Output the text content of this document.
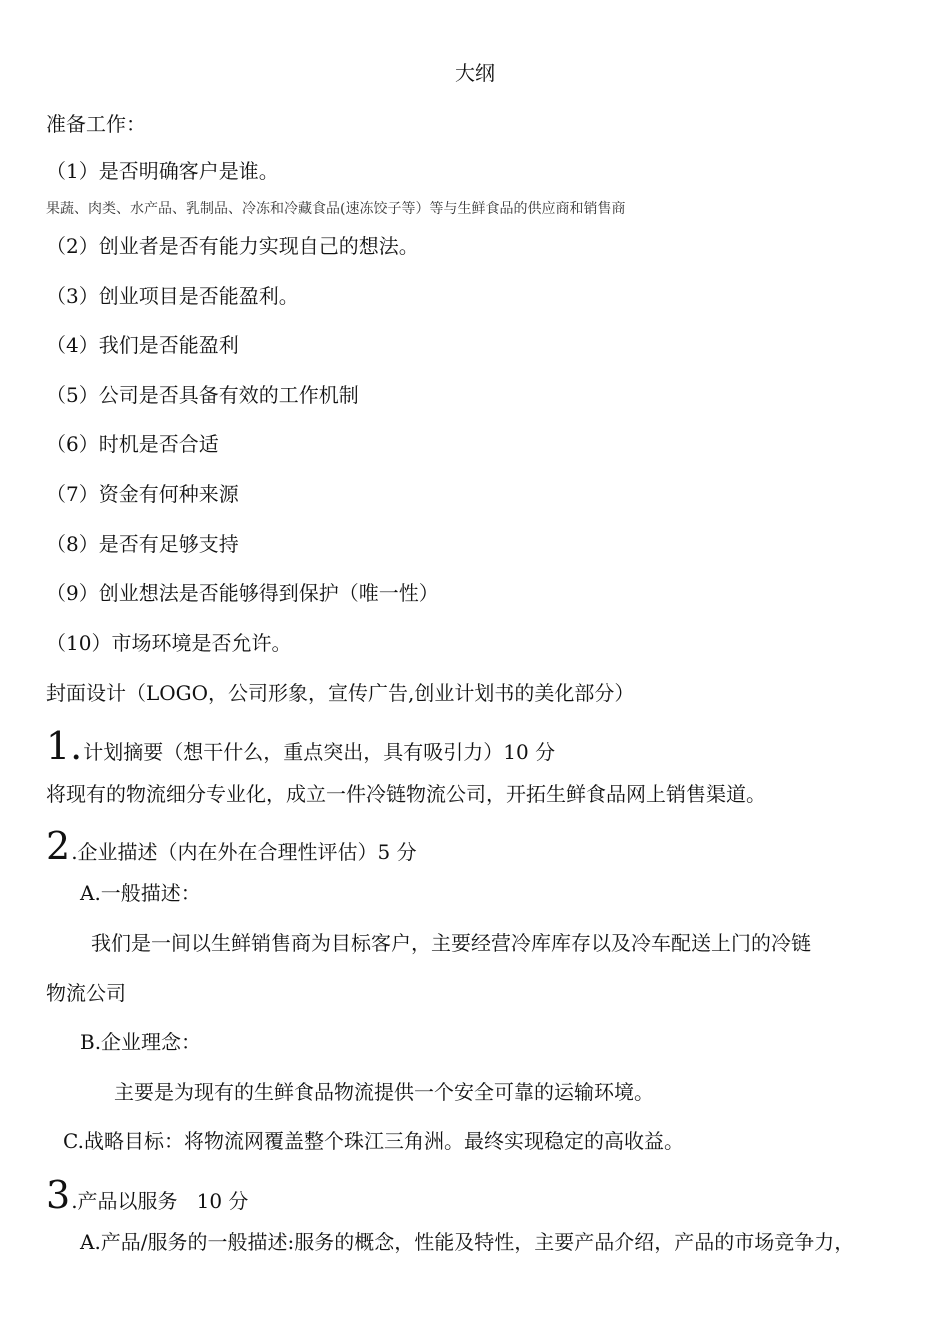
大纲
准备工作：
（1）是否明确客户是谁。
果蔬、肉类、水产品、乳制品、冷冻和冷藏食品(速冻饺子等）等与生鲜食品的供应商和销售商
（2）创业者是否有能力实现自己的想法。
（3）创业项目是否能盈利。
（4）我们是否能盈利
（5）公司是否具备有效的工作机制
（6）时机是否合适
（7）资金有何种来源
（8）是否有足够支持
（9）创业想法是否能够得到保护（唯一性）
（10）市场环境是否允许。
封面设计（LOGO，公司形象，宣传广告,创业计划书的美化部分）
1. 计划摘要（想干什么，重点突出，具有吸引力）10 分
将现有的物流细分专业化，成立一件冷链物流公司，开拓生鲜食品网上销售渠道。
2 .企业描述（内在外在合理性评估）5 分
A.一般描述：
我们是一间以生鲜销售商为目标客户，主要经营冷库库存以及冷车配送上门的冷链
物流公司
B.企业理念：
主要是为现有的生鲜食品物流提供一个安全可靠的运输环境。
C.战略目标：将物流网覆盖整个珠江三角洲。最终实现稳定的高收益。
3 .产品以服务   10 分
A.产品/服务的一般描述:服务的概念，性能及特性，主要产品介绍，产品的市场竞争力，
